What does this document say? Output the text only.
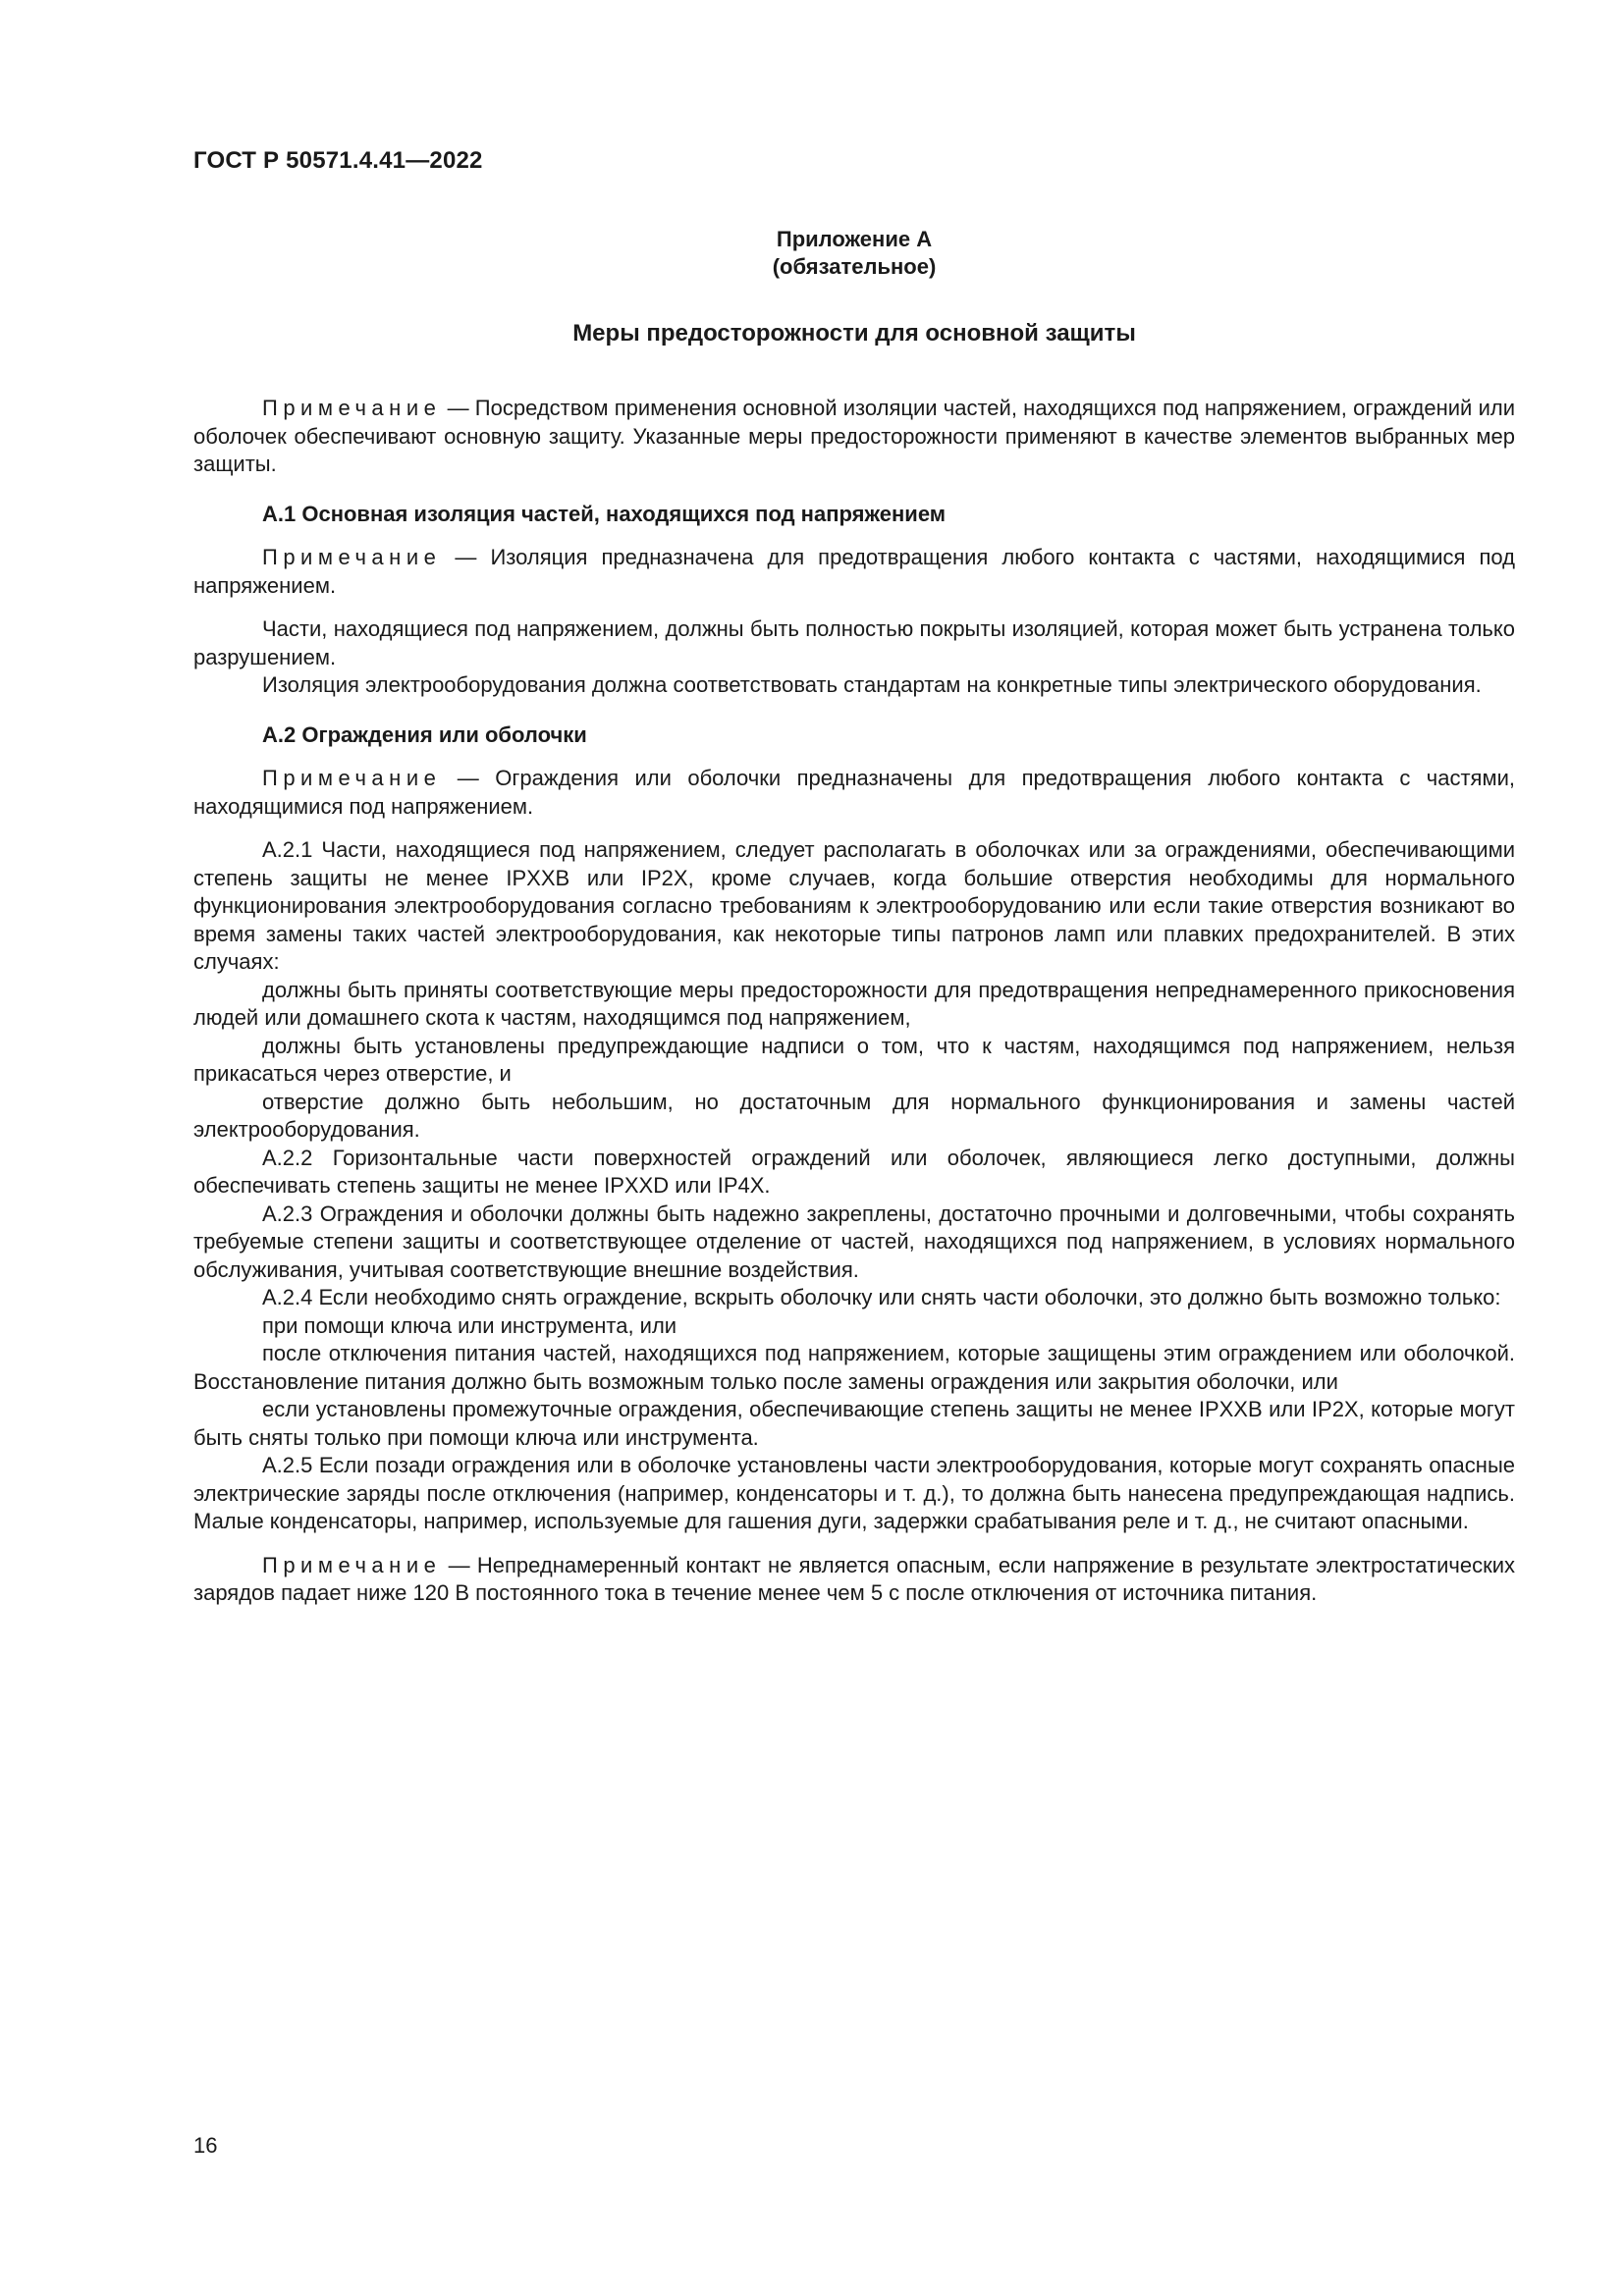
ГОСТ Р 50571.4.41—2022
Приложение А
(обязательное)
Меры предосторожности для основной защиты

Примечание — Посредством применения основной изоляции частей, находящихся под напряжением, ограждений или оболочек обеспечивают основную защиту. Указанные меры предосторожности применяют в качестве элементов выбранных мер защиты.

А.1 Основная изоляция частей, находящихся под напряжением

Примечание — Изоляция предназначена для предотвращения любого контакта с частями, находящимися под напряжением.

Части, находящиеся под напряжением, должны быть полностью покрыты изоляцией, которая может быть устранена только разрушением.

Изоляция электрооборудования должна соответствовать стандартам на конкретные типы электрического оборудования.

А.2 Ограждения или оболочки

Примечание — Ограждения или оболочки предназначены для предотвращения любого контакта с частями, находящимися под напряжением.

А.2.1 Части, находящиеся под напряжением, следует располагать в оболочках или за ограждениями, обеспечивающими степень защиты не менее IPXXB или IP2X, кроме случаев, когда большие отверстия необходимы для нормального функционирования электрооборудования согласно требованиям к электрооборудованию или если такие отверстия возникают во время замены таких частей электрооборудования, как некоторые типы патронов ламп или плавких предохранителей. В этих случаях:

должны быть приняты соответствующие меры предосторожности для предотвращения непреднамеренного прикосновения людей или домашнего скота к частям, находящимся под напряжением,

должны быть установлены предупреждающие надписи о том, что к частям, находящимся под напряжением, нельзя прикасаться через отверстие, и

отверстие должно быть небольшим, но достаточным для нормального функционирования и замены частей электрооборудования.

А.2.2 Горизонтальные части поверхностей ограждений или оболочек, являющиеся легко доступными, должны обеспечивать степень защиты не менее IPXXD или IP4X.

А.2.3 Ограждения и оболочки должны быть надежно закреплены, достаточно прочными и долговечными, чтобы сохранять требуемые степени защиты и соответствующее отделение от частей, находящихся под напряжением, в условиях нормального обслуживания, учитывая соответствующие внешние воздействия.

А.2.4 Если необходимо снять ограждение, вскрыть оболочку или снять части оболочки, это должно быть возможно только:

при помощи ключа или инструмента, или

после отключения питания частей, находящихся под напряжением, которые защищены этим ограждением или оболочкой. Восстановление питания должно быть возможным только после замены ограждения или закрытия оболочки, или

если установлены промежуточные ограждения, обеспечивающие степень защиты не менее IPXXB или IP2X, которые могут быть сняты только при помощи ключа или инструмента.

А.2.5 Если позади ограждения или в оболочке установлены части электрооборудования, которые могут сохранять опасные электрические заряды после отключения (например, конденсаторы и т. д.), то должна быть нанесена предупреждающая надпись. Малые конденсаторы, например, используемые для гашения дуги, задержки срабатывания реле и т. д., не считают опасными.

Примечание — Непреднамеренный контакт не является опасным, если напряжение в результате электростатических зарядов падает ниже 120 В постоянного тока в течение менее чем 5 с после отключения от источника питания.

16
